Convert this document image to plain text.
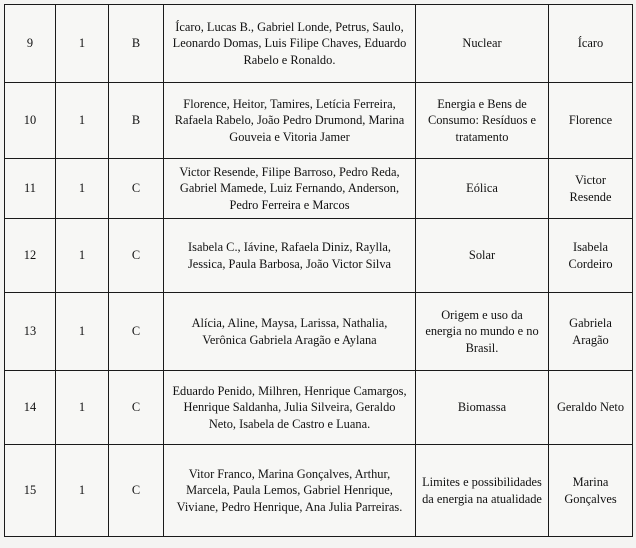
9	1	B	Ícaro, Lucas B., Gabriel Londe, Petrus, Saulo, Leonardo Domas, Luis Filipe Chaves, Eduardo Rabelo e Ronaldo.	Nuclear	Ícaro
10	1	B	Florence, Heitor, Tamires, Letícia Ferreira, Rafaela Rabelo, João Pedro Drumond, Marina Gouveia e Vitoria Jamer	Energia e Bens de Consumo: Resíduos e tratamento	Florence
11	1	C	Victor Resende, Filipe Barroso, Pedro Reda, Gabriel Mamede, Luiz Fernando, Anderson, Pedro Ferreira e Marcos	Eólica	Victor Resende
12	1	C	Isabela C., Iávine, Rafaela Diniz, Raylla, Jessica, Paula Barbosa, João Victor Silva	Solar	Isabela Cordeiro
13	1	C	Alícia, Aline, Maysa, Larissa, Nathalia, Verônica Gabriela Aragão e Aylana	Origem e uso da energia no mundo e no Brasil.	Gabriela Aragão
14	1	C	Eduardo Penido, Milhren, Henrique Camargos, Henrique Saldanha, Julia Silveira, Geraldo Neto, Isabela de Castro e Luana.	Biomassa	Geraldo Neto
15	1	C	Vitor Franco, Marina Gonçalves, Arthur, Marcela, Paula Lemos, Gabriel Henrique, Viviane, Pedro Henrique, Ana Julia Parreiras.	Limites e possibilidades da energia na atualidade	Marina Gonçalves
